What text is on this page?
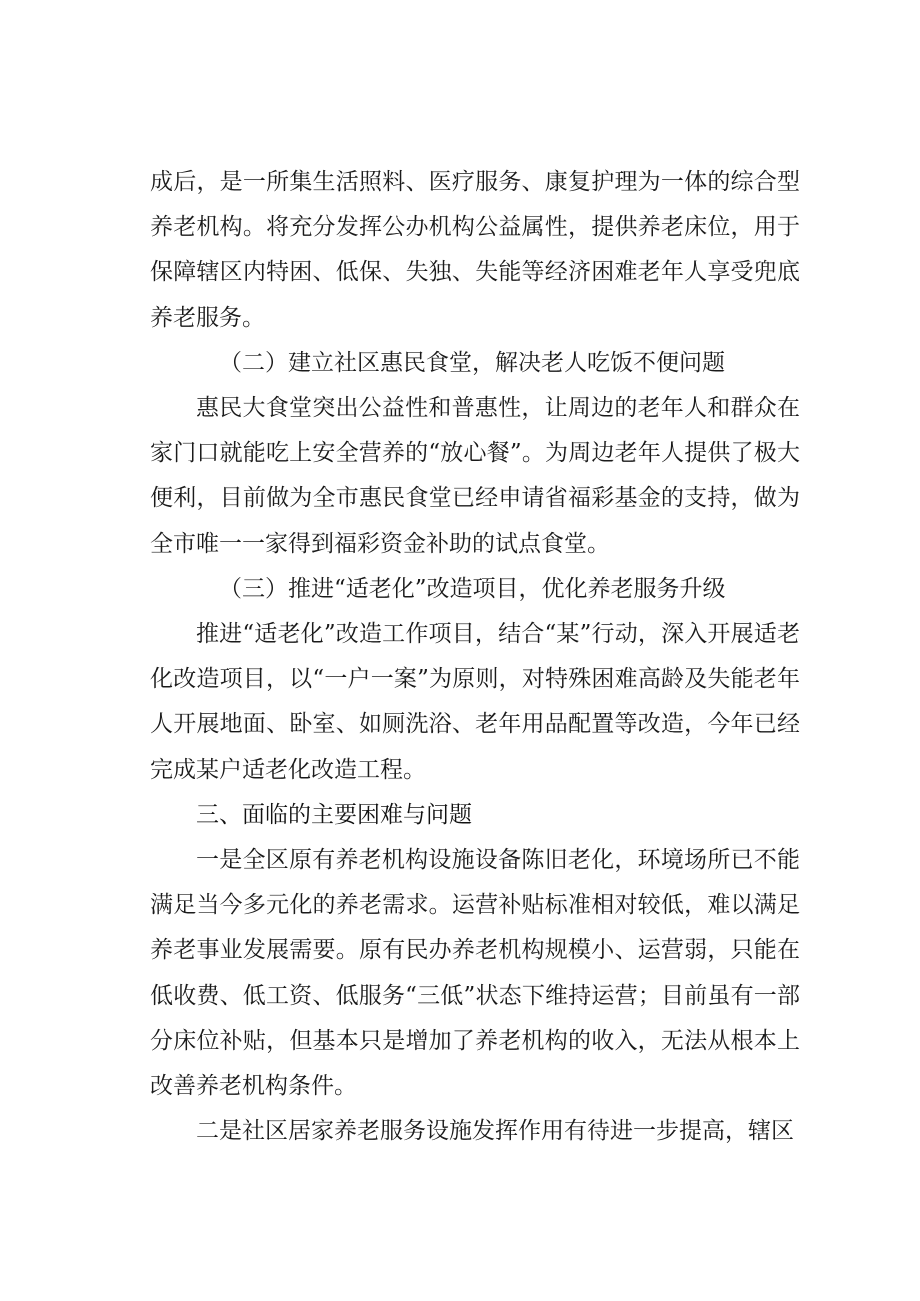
成后，是一所集生活照料、医疗服务、康复护理为一体的综合型养老机构。将充分发挥公办机构公益属性，提供养老床位，用于保障辖区内特困、低保、失独、失能等经济困难老年人享受兜底养老服务。

（二）建立社区惠民食堂，解决老人吃饭不便问题

惠民大食堂突出公益性和普惠性，让周边的老年人和群众在家门口就能吃上安全营养的“放心餐”。为周边老年人提供了极大便利，目前做为全市惠民食堂已经申请省福彩基金的支持，做为全市唯一一家得到福彩资金补助的试点食堂。

（三）推进“适老化”改造项目，优化养老服务升级

推进“适老化”改造工作项目，结合“某”行动，深入开展适老化改造项目，以“一户一案”为原则，对特殊困难高龄及失能老年人开展地面、卧室、如厕洗浴、老年用品配置等改造，今年已经完成某户适老化改造工程。

三、面临的主要困难与问题

一是全区原有养老机构设施设备陈旧老化，环境场所已不能满足当今多元化的养老需求。运营补贴标准相对较低，难以满足养老事业发展需要。原有民办养老机构规模小、运营弱，只能在低收费、低工资、低服务“三低”状态下维持运营；目前虽有一部分床位补贴，但基本只是增加了养老机构的收入，无法从根本上改善养老机构条件。

二是社区居家养老服务设施发挥作用有待进一步提高，辖区
